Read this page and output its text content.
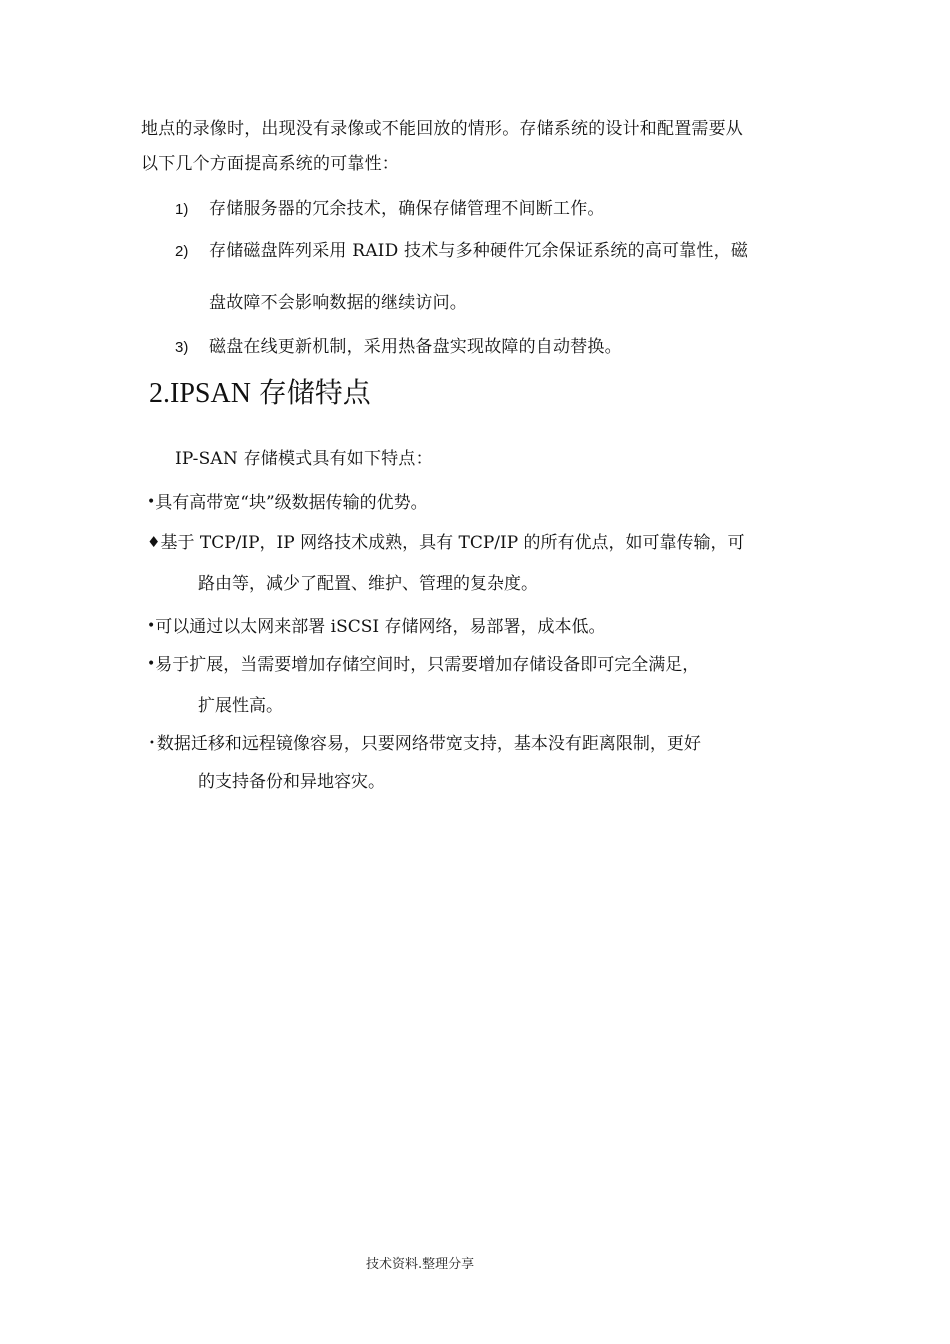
地点的录像时，出现没有录像或不能回放的情形。存储系统的设计和配置需要从
以下几个方面提高系统的可靠性：
1) 存储服务器的冗余技术，确保存储管理不间断工作。
2) 存储磁盘阵列采用 RAID 技术与多种硬件冗余保证系统的高可靠性，磁
盘故障不会影响数据的继续访问。
3) 磁盘在线更新机制，采用热备盘实现故障的自动替换。
2.IPSAN 存储特点
IP-SAN 存储模式具有如下特点：
•具有高带宽“块”级数据传输的优势。
♦基于 TCP/IP，IP 网络技术成熟，具有 TCP/IP 的所有优点，如可靠传输，可
路由等，减少了配置、维护、管理的复杂度。
•可以通过以太网来部署 iSCSI 存储网络，易部署，成本低。
•易于扩展，当需要增加存储空间时，只需要增加存储设备即可完全满足，
扩展性高。
• 数据迁移和远程镜像容易，只要网络带宽支持，基本没有距离限制，更好
的支持备份和异地容灾。
技术资料.整理分享
